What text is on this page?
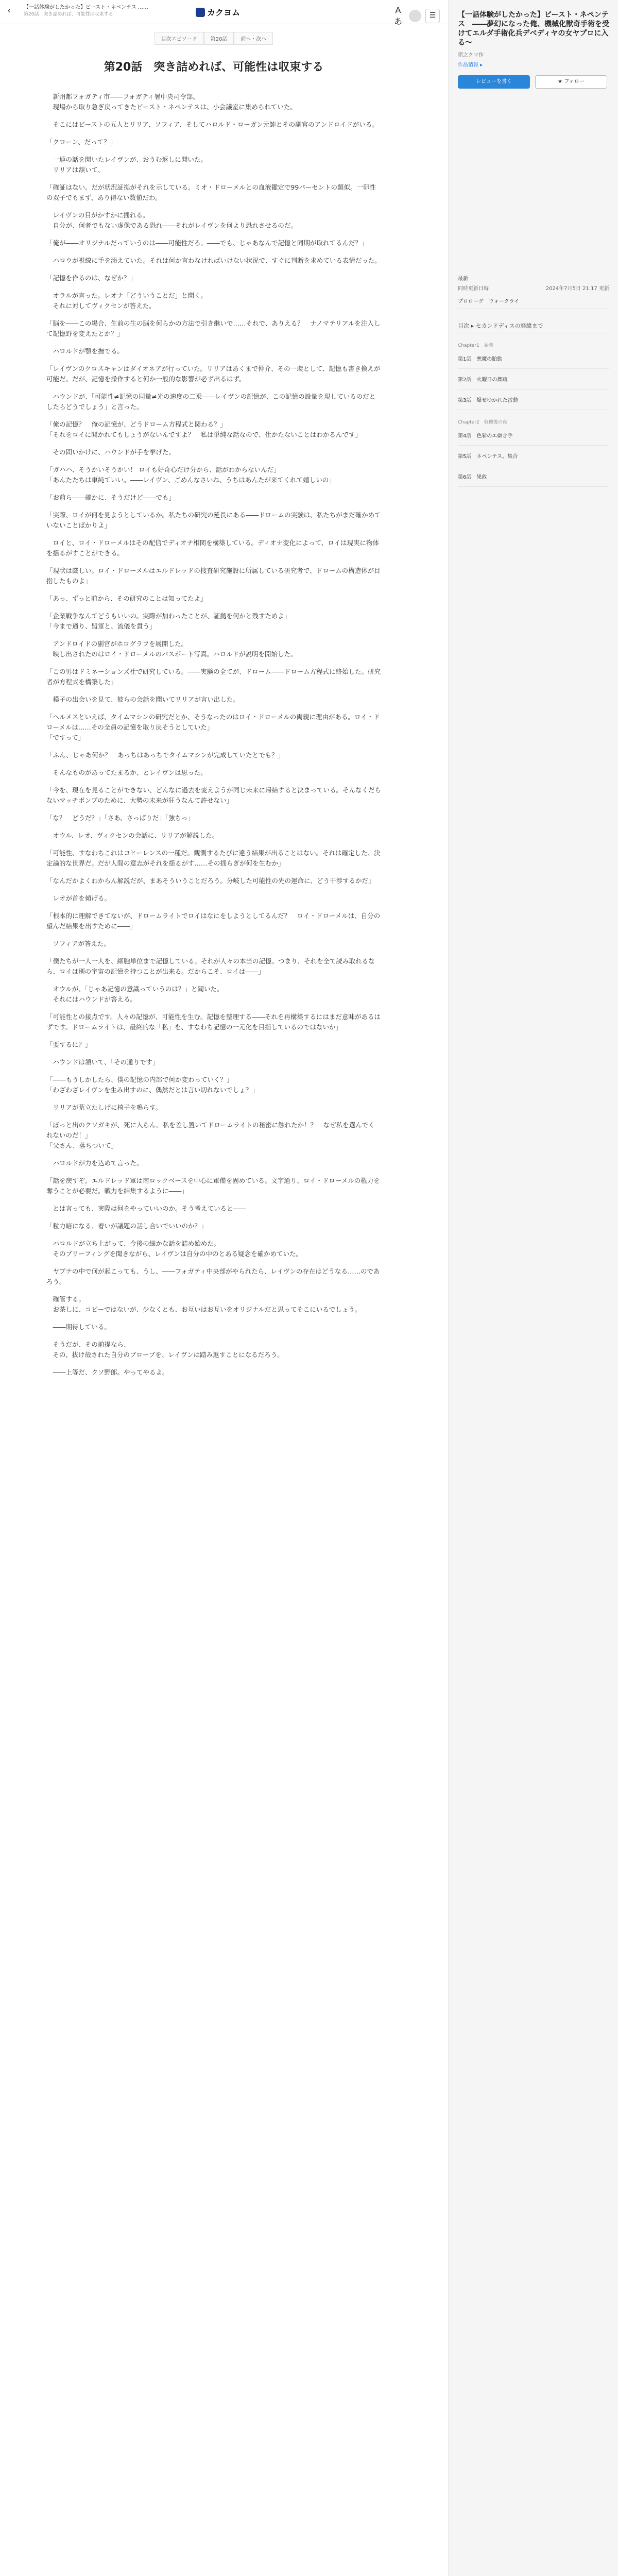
‹	【一話体験がしたかった】ビースト・ネペンテス ……
第20話　突き詰めれば、可能性は収束する	カクヨム	Aあ
☰
目次エピソード	第20話	前へ・次へ
第20話　突き詰めれば、可能性は収束する

　新州都フォガティ市――フォガティ署中央司令部。
　現場から取り急ぎ戻ってきたビースト・ネペンテスは、小会議室に集められていた。

　そこにはビーストの五人とリリア、ソフィア、そしてハロルド・ローガン元帥とその副官のアンドロイドがいる。

「クローン、だって？」

　一連の話を聞いたレイヴンが、おうむ返しに聞いた。
　リリアは頷いて、

「確証はない。だが状況証拠がそれを示している。ミオ・ドローメルとの血液鑑定で99パーセントの類似。一卵性の双子でもまず、あり得ない数値だわ。

　レイヴンの目がかすかに揺れる。
　自分が、何者でもない虚像である恐れ――それがレイヴンを何より恐れさせるのだ。

「俺が――オリジナルだっていうのは――可能性だろ。――でも、じゃあなんで記憶と同期が取れてるんだ？」

　ハロウが視線に手を添えていた。それは何か言わなければいけない状況で、すぐに判断を求めている表情だった。

「記憶を作るのは、なぜか？」

　オラルが言った。レオナ「どういうことだ」と聞く。
　それに対してヴィクセンが答えた。

「脳を――この場合、生前の生の脳を何らかの方法で引き継いで……それで、ありえる？　ナノマテリアルを注入して記憶野を変えたとか？」

　ハロルドが顎を撫でる。

「レイヴンのクロスキャンはダイオネアが行っていた。リリアはあくまで仲介、その一環として、記憶も書き換えが可能だ。だが、記憶を操作すると何か一般的な影響が必ず出るはず。

　ハウンドが、「可能性≠記憶の同量≠光の速度の二乗――レイヴンの記憶が、この記憶の設量を現しているのだとしたらどうでしょう」と言った。

「俺の記憶？　俺の記憶が、どうドローム方程式と関わる？」
「それをロイに聞かれてもしょうがないんですよ？　私は単純な話なので、仕かたないことはわかるんです」

　その問いかけに、ハウンドが手を挙げた。

「ガハハ、そうかいそうかい！ ロイも好奇心だけ分から、話がわからないんだ」
「あんたたちは単純ていい。――レイヴン、ごめんなさいね、うちはあんたが来てくれて嬉しいの」

「お前ら――確かに、そうだけど――でも」

「実際、ロイが何を見ようとしているか。私たちの研究の延長にある――ドロームの実験は、私たちがまだ確かめていないことばかりよ」

　ロイと、ロイ・ドローメルはその配信でディオナ相関を構築している。ディオナ変化によって、ロイは現実に物体を揺るがすことができる。

「現状は厳しい。ロイ・ドローメルはエルドレッドの捜査研究施設に所属している研究者で、ドロームの構造体が目指したものよ」

「あっ、ずっと前から、その研究のことは知ってたよ」

「企業戦争なんてどうもいいの。実際が加わったことが、証拠を何かと残すためよ」
「今まで通り、盟軍と、流儀を貫う」

　アンドロイドの副官がホログラフを展開した。
　映し出されたのはロイ・ドローメルのパスポート写真。ハロルドが説明を開始した。

「この男はドミネーションズ社で研究している。――実験の全てが、ドローム――ドローム方程式に終始した。研究者が方程式を構築した」

　模子の出会いを見て、彼らの会話を聞いてリリアが言い出した。

「ヘルメスといえば、タイムマシンの研究だとか、そうなったのはロイ・ドローメルの両親に理由がある。ロイ・ドローメルは……その全員の記憶を取り戻そうとしていた」
「ですって」

「ふん、じゃあ何か？　あっちはあっちでタイムマシンが完成していたとでも？」

　そんなものがあってたまるか、とレイヴンは思った。

「今を、現在を見ることができない、どんなに過去を変えようが同じ未来に帰結すると決まっている。そんなくだらないマッチポンプのために、大勢の未来が狂うなんて許せない」

「な？　どうだ？」「さあ、さっぱりだ」「強ちっ」

　オウル、レオ、ヴィクセンの会話に、リリアが解説した。

「可能性、すなわちこれはコヒーレンスの一種だ。観測するたびに違う結果が出ることはない。それは確定した、決定論的な世界だ。だが人間の意志がそれを揺るがす……その揺らぎが何を生むか」

「なんだかよくわからん解説だが、まあそういうことだろう。分岐した可能性の先の運命に、どう干渉するかだ」

　レオが首を傾げる。

「根本的に理解できてないが、ドロームライトでロイはなにをしようとしてるんだ？　ロイ・ドローメルは、自分の望んだ結果を出すために――」

　ソフィアが答えた。

「僕たちが一人一人を、細胞単位まで記憶している。それが人々の本当の記憶。つまり、それを全て読み取れるなら、ロイは別の宇宙の記憶を持つことが出来る。だからこそ、ロイは――」

　オウルが、「じゃあ記憶の意識っていうのは？」と聞いた。
　それにはハウンドが答える。

「可能性との接点です。人々の記憶が、可能性を生む。記憶を整理する――それを再構築するにはまだ意味があるはずです。ドロームライトは、最終的な「私」を、すなわち記憶の一元化を目指しているのではないか」

「要するに？」

　ハウンドは頷いて、「その通りです」

「――もうしかしたら、僕の記憶の内部で何か変わっていく？」
「わざわざレイヴンを生み出すのに、偶然だとは言い切れないでしょ？」

　リリアが荒立たしげに椅子を鳴らす。

「ぼっと出のクソガキが、死に入らん。私を差し置いてドロームライトの秘密に触れたか！？　なぜ私を選んでくれないのだ！」
「父さん、落ちついて」

　ハロルドが力を込めて言った。

「話を戻すぞ。エルドレッド軍は南ロックベースを中心に軍備を固めている。文字通り、ロイ・ドローメルの権力を奪うことが必要だ。戦力を結集するように――」

　とは言っても、実際は何をやっていいのか。そう考えていると――

「粒力暗になる、着いが議題の話し合いでいいのか？」

　ハロルドが立ち上がって、今後の細かな話を詰め始めた。
　そのブリーフィングを聞きながら、レイヴンは自分の中のとある疑念を確かめていた。

　ヤプテの中で何が起こっても、うし、――フォガティ中央部がやられたら、レイヴンの存在はどうなる……のであろう。

　確管する。
　お茶しに、コピーではないが、少なくとも、お互いはお互いをオリジナルだと思ってそこにいるでしょう。

　――期待している。

　そうだが、その前提なら、
　その、抜け殻された自分のブローブを、レイヴンは踏み返すことになるだろう。

　――上等だ、クソ野郎。やってやるよ。

【一話体験がしたかった】ビースト・ネペンテス　――夢幻になった俺、機械化獣奇手術を受けてエルダ手術化兵デベディヤの女ヤプロに入る～
猪之クマ作
作品情報 ▸
レビューを書く	★ フォロー
最新
同時更新日時	2024年7月5日 21:17 更新
プロローグ　ウォークライ
目次 ▸ セカンドディスの経緯まで
Chapter1　始業
第1話　悪魔の胎動
第2話　火曜日の舞踏
第3話　爆ぜゆかれた雷動
Chapter2　収穫後の夜
第4話　色彩のエ嫌き手
第5話　ネペンテス、集合
第6話　果敢
